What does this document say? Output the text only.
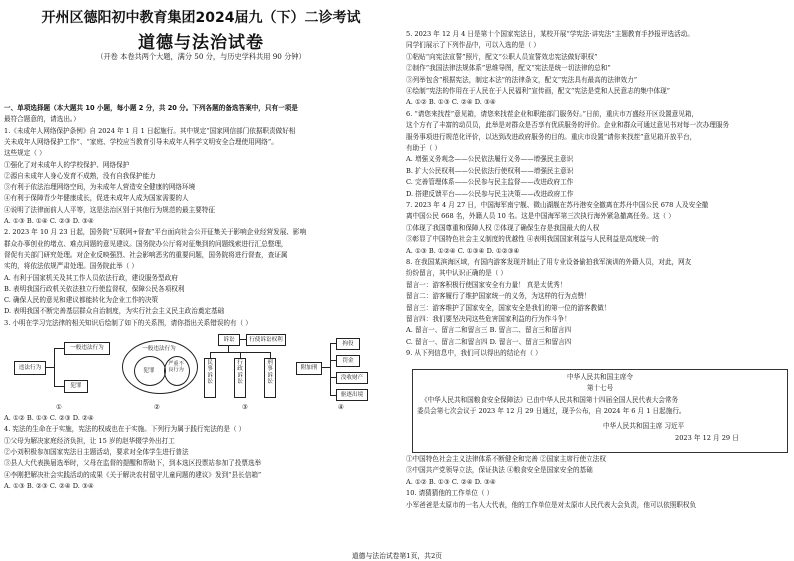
开州区德阳初中教育集团2024届九（下）二诊考试
道德与法治试卷
（开卷 本卷共两个大题，满分 50 分，与历史学科共用 90 分钟）
一、单项选择题（本大题共 10 小题，每小题 2 分，共 20 分。下列各题的备选答案中，只有一项是
最符合题意的，请选出。）
1.《未成年人网络保护条例》自 2024 年 1 月 1 日起施行。其中规定“国家网信部门依据职责做好相
关未成年人网络保护工作”、“家庭、学校应当教育引导未成年人科学文明安全合理使用网络”。
这些规定（ ）
①强化了对未成年人的学校保护、网络保护
②源自未成年人身心发育不成熟，没有自我保护能力
③有利于依法治理网络空间，为未成年人营造安全健康的网络环境
④有利于保障青少年健康成长，促进未成年人成为国家需要的人
④说明了法律面前人人平等，这是法治区别于其他行为规范的最主要特征
A. ①③ B. ①④ C. ②③ D. ③④
2. 2023 年 10 月 23 日起，国务院“互联网+督查”平台面向社会公开征集关于影响企业经营发展、影响
群众办事创业的堵点、难点问题的意见建议。国务院办公厅将对征集到的问题线索进行汇总整理，
督促有关部门研究处理。对企业反映强烈、社会影响恶劣的重要问题，国务院将进行督查，查证属
实的，将依法依规严肃处理。国务院此举（ ）
A. 有利于国家机关及其工作人员依法行政，建设服务型政府
B. 表明我国行政机关依法独立行使监督权，保障公民各项权利
C. 确保人民的意见和建议都能转化为企业工作的决策
D. 表明我国不断完善基层群众自治制度，为实行社会主义民主政治奠定基础
3. 小明在学习完法律的相关知识后绘制了如下的关系图，请你指出关系错误的有（ ）
违法行为
一般违法行为
犯罪
①
一般违法行为
犯罪
严重不良行为
②
诉讼	行使诉讼权利
民事诉讼
行政诉讼
刑事诉讼
③
附加刑
拘役
罚金
没收财产
驱逐出境
④
A. ①② B. ①③ C. ②③ D. ②④
4. 宪法的生命在于实施，宪法的权威也在于实施。下列行为属于践行宪法的是（ ）
①父母为解决家庭经济负担，让 15 岁的赵华辍学外出打工
②小刘积极参加国家宪法日主题活动，要求对全体学生进行普法
③县人大代表换届选举时，父母在监督的提醒和帮助下，到本选区投票站参加了投票选举
④李刚把解决社会实践活动的成果《关于解决农村留守儿童问题的建议》发到“县长信箱”
A. ①③ B. ②③ C. ②④ D. ③④
5. 2023 年 12 月 4 日是第十个国家宪法日，某校开展“学宪法·讲宪法”主题教育手抄报评选活动。
同学们展示了下列作品中，可以入选的是（ ）
①粘贴“向宪法宣誓”照片，配文“公职人员宣誓效忠宪法做好职权”
②制作“我国法律法规体系”思维导图，配文“宪法是统一切法律的总和”
③列举包含“根据宪法，制定本法”的法律条文，配文“宪法具有最高的法律效力”
④绘制“宪法的作用在于人民在于人民福利”宣传画，配文“宪法是党和人民意志的集中体现”
A. ①② B. ①③ C. ②④ D. ③④
6. “请您来找茬”意见箱，请您来找茬企业和职能部门服务好。”日前，重庆市万盛经开区设置意见箱，
这个方有了丰富的动员员，此举是对群众是否享有优质服务的评价。企业和群众可通过意见书对每一次办理服务
服务事项进行规范化评价，以达到改进政府服务的目的。重庆市设置“请你来找茬”意见箱开放平台，
有助于（ ）
A. 增强义务观念——公民依法履行义务——增强民主意识
B. 扩大公民权利——公民依法行使权利——增强民主意识
C. 完善管理体系——公民参与民主监督——改进政府工作
D. 搭建反馈平台——公民参与民主决策——改进政府工作
7. 2023 年 4 月 27 日，中国海军南宁舰、微山湖舰在苏丹港安全撤离在苏丹中国公民 678 人及安全撤
离中国公民 668 名，外籍人员 10 名。这是中国海军第三次执行海外紧急撤离任务。这（ ）
①体现了我国尊重和保障人权 ②体现了确保生存是我国最大的人权
③彰显了中国特色社会主义制度的优越性 ④表明我国国家利益与人民利益是高度统一的
A. ①③ B. ①②④ C. ①③④ D. ①②③④
8. 在我国某滨海区域，有国内游客发现并制止了用专业设备偷拍我军演训的外籍人员，对此，网友
纷纷留言，其中认识正确的是（ ）
留言一：游客积极行使国家安全有力量！ 真是太优秀！
留言二：游客履行了维护国家统一的义务，为这样的行为点赞！
留言三：游客维护了国家安全，国家安全是我们的第一位的游客教做！
留言四：我们要坚决同这些危害国家利益的行为作斗争！
A. 留言一、留言二和留言三 B. 留言二、留言三和留言四
C. 留言一、留言二和留言四 D. 留言一、留言三和留言四
9. 从下列信息中，我们可以得出的结论有（ ）
中华人民共和国主席令
第十七号
《中华人民共和国粮食安全保障法》已由中华人民共和国第十四届全国人民代表大会常务
委员会第七次会议于 2023 年 12 月 29 日通过，现予公布，自 2024 年 6 月 1 日起施行。
中华人民共和国主席 习近平
2023 年 12 月 29 日
①中国特色社会主义法律体系不断健全和完善 ②国家主席行使立法权
③中国共产党领导立法，保证执法 ④粮食安全是国家安全的基础
A. ①② B. ①③ C. ②④ D. ③④
10. 请猜猜他的工作单位（ ）
小军爸爸是太原市的一名人大代表，他的工作单位是对太原市人民代表大会负责，他可以依照职权负
道德与法治试卷第1页，共2页
